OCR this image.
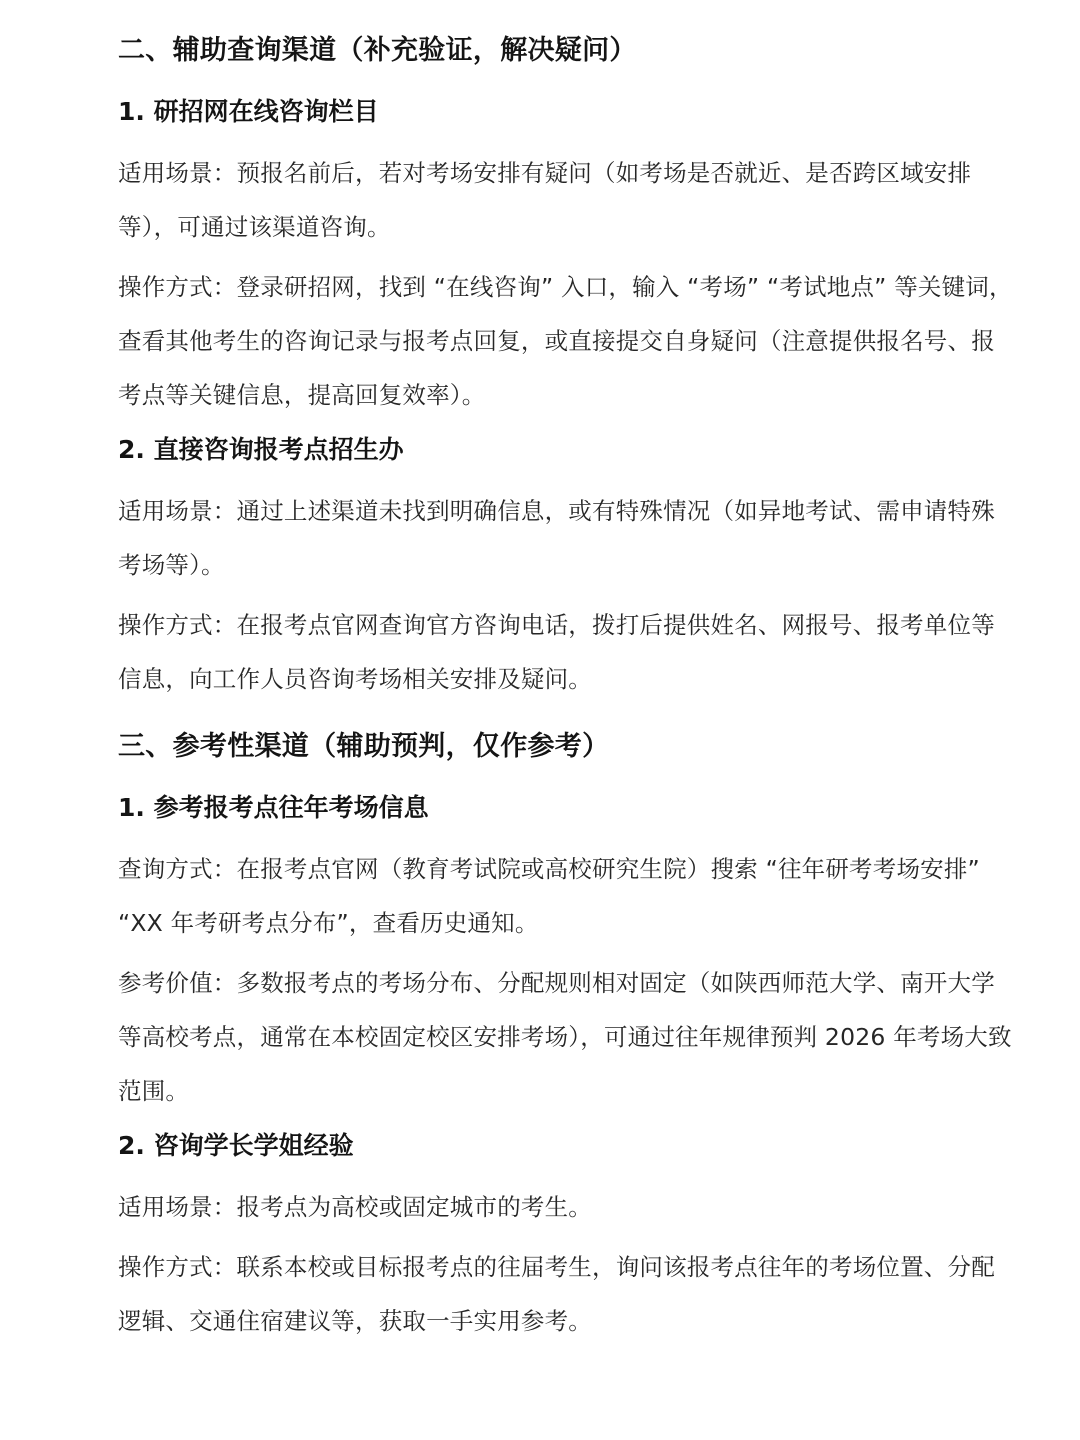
二、辅助查询渠道（补充验证，解决疑问）
1. 研招网在线咨询栏目
适用场景：预报名前后，若对考场安排有疑问（如考场是否就近、是否跨区域安排等），可通过该渠道咨询。
操作方式：登录研招网，找到 “在线咨询” 入口，输入 “考场” “考试地点” 等关键词，查看其他考生的咨询记录与报考点回复，或直接提交自身疑问（注意提供报名号、报考点等关键信息，提高回复效率）。
2. 直接咨询报考点招生办
适用场景：通过上述渠道未找到明确信息，或有特殊情况（如异地考试、需申请特殊考场等）。
操作方式：在报考点官网查询官方咨询电话，拨打后提供姓名、网报号、报考单位等信息，向工作人员咨询考场相关安排及疑问。
三、参考性渠道（辅助预判，仅作参考）
1. 参考报考点往年考场信息
查询方式：在报考点官网（教育考试院或高校研究生院）搜索 “往年研考考场安排” “XX 年考研考点分布”，查看历史通知。
参考价值：多数报考点的考场分布、分配规则相对固定（如陕西师范大学、南开大学等高校考点，通常在本校固定校区安排考场），可通过往年规律预判 2026 年考场大致范围。
2. 咨询学长学姐经验
适用场景：报考点为高校或固定城市的考生。
操作方式：联系本校或目标报考点的往届考生，询问该报考点往年的考场位置、分配逻辑、交通住宿建议等，获取一手实用参考。
